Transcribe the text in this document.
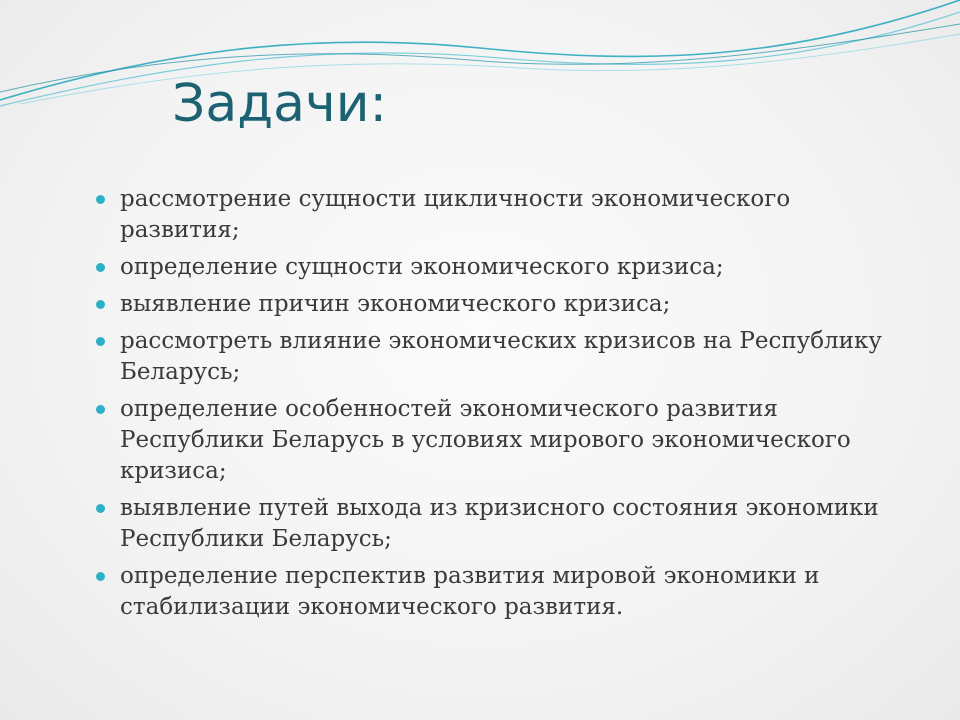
Задачи:
рассмотрение сущности цикличности экономического развития;
определение сущности экономического кризиса;
выявление причин экономического кризиса;
рассмотреть влияние экономических кризисов на Республику Беларусь;
определение особенностей экономического развития Республики Беларусь в условиях мирового экономического кризиса;
выявление путей выхода из кризисного состояния экономики Республики Беларусь;
определение перспектив развития мировой экономики и стабилизации экономического развития.
